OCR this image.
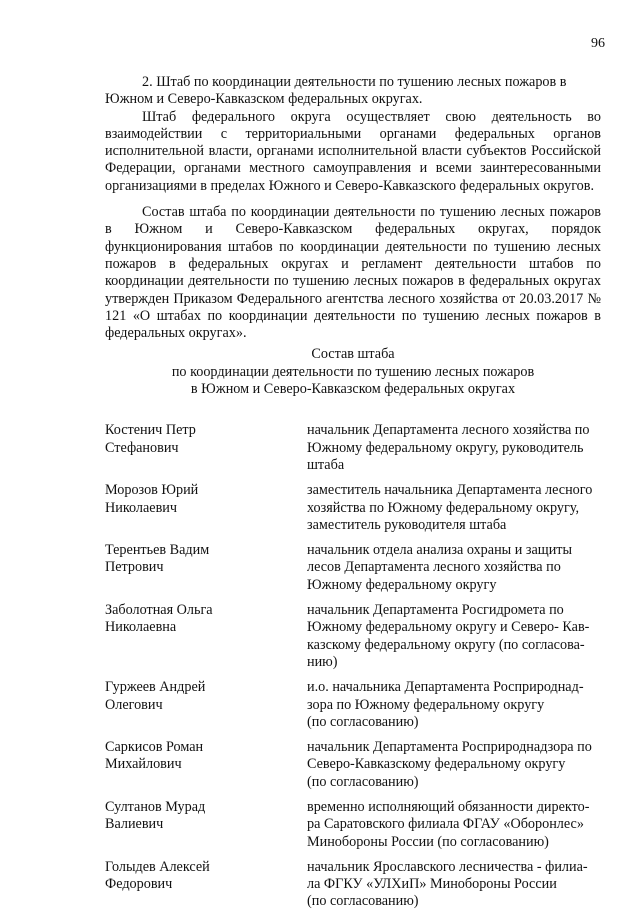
96

2. Штаб по координации деятельности по тушению лесных пожаров в
Южном и Северо-Кавказском федеральных округах.

Штаб федерального округа осуществляет свою деятельность во взаимодействии с территориальными органами федеральных органов исполнительной власти, органами исполнительной власти субъектов Российской Федерации, органами местного самоуправления и всеми заинтересованными организациями в пределах Южного и Северо-Кавказского федеральных округов.

Состав штаба по координации деятельности по тушению лесных пожаров в Южном и Северо-Кавказском федеральных округах, порядок функционирования штабов по координации деятельности по тушению лесных пожаров в федеральных округах и регламент деятельности штабов по координации деятельности по тушению лесных пожаров в федеральных округах утвержден Приказом Федерального агентства лесного хозяйства от 20.03.2017 № 121 «О штабах по координации деятельности по тушению лесных пожаров в федеральных округах».

Состав штаба
по координации деятельности по тушению лесных пожаров
в Южном и Северо-Кавказском федеральных округах
Костенич Петр
Стефанович
начальник Департамента лесного хозяйства по
Южному федеральному округу, руководитель
штаба
Морозов Юрий
Николаевич
заместитель начальника Департамента лесного
хозяйства по Южному федеральному округу,
заместитель руководителя штаба
Терентьев Вадим
Петрович
начальник отдела анализа охраны и защиты
лесов Департамента лесного хозяйства по
Южному федеральному округу
Заболотная Ольга
Николаевна
начальник Департамента Росгидромета по
Южному федеральному округу и Северо- Кав-
казскому федеральному округу (по согласова-
нию)
Гуржеев Андрей
Олегович
и.о. начальника Департамента Росприроднад-
зора по Южному федеральному округу
(по согласованию)
Саркисов Роман
Михайлович
начальник Департамента Росприроднадзора по
Северо-Кавказскому федеральному округу
(по согласованию)
Султанов Мурад
Валиевич
временно исполняющий обязанности директо-
ра Саратовского филиала ФГАУ «Оборонлес»
Минобороны России (по согласованию)
Голыдев Алексей
Федорович
начальник Ярославского лесничества - филиа-
ла ФГКУ «УЛХиП» Минобороны России
(по согласованию)
